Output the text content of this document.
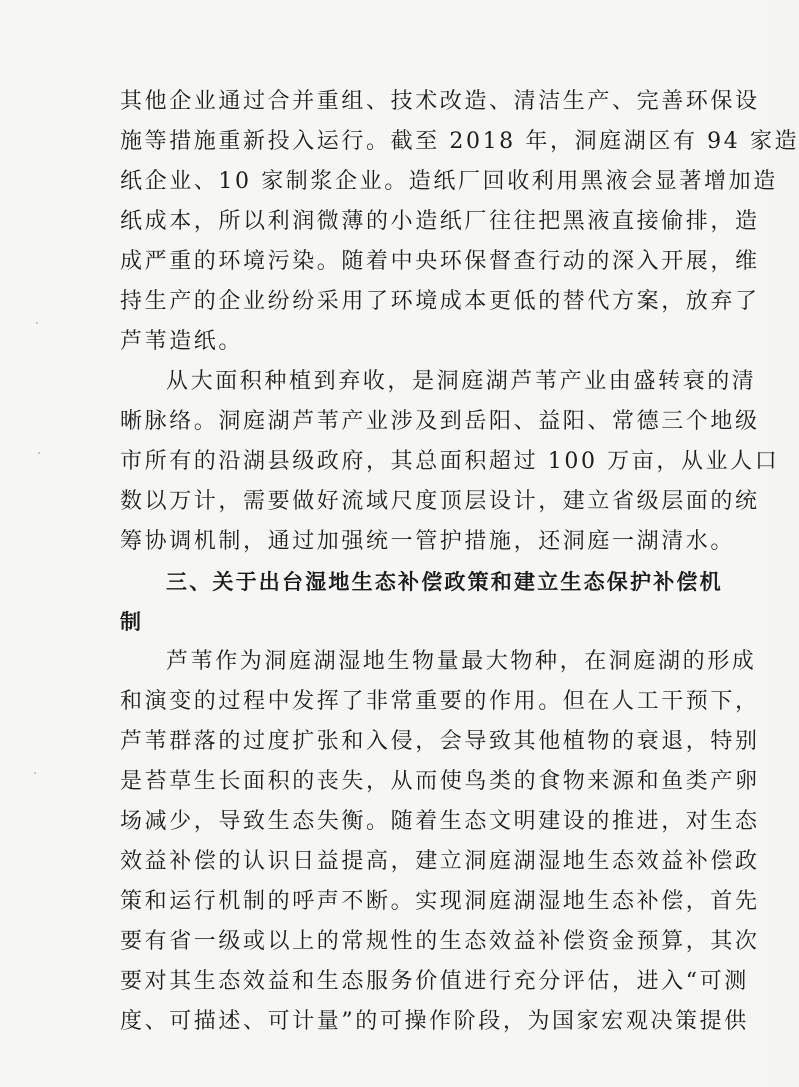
其他企业通过合并重组、技术改造、清洁生产、完善环保设
施等措施重新投入运行。截至 2018 年，洞庭湖区有 94 家造
纸企业、10 家制浆企业。造纸厂回收利用黑液会显著增加造
纸成本，所以利润微薄的小造纸厂往往把黑液直接偷排，造
成严重的环境污染。随着中央环保督查行动的深入开展，维
持生产的企业纷纷采用了环境成本更低的替代方案，放弃了
芦苇造纸。
从大面积种植到弃收，是洞庭湖芦苇产业由盛转衰的清
晰脉络。洞庭湖芦苇产业涉及到岳阳、益阳、常德三个地级
市所有的沿湖县级政府，其总面积超过 100 万亩，从业人口
数以万计，需要做好流域尺度顶层设计，建立省级层面的统
筹协调机制，通过加强统一管护措施，还洞庭一湖清水。
三、关于出台湿地生态补偿政策和建立生态保护补偿机
制
芦苇作为洞庭湖湿地生物量最大物种，在洞庭湖的形成
和演变的过程中发挥了非常重要的作用。但在人工干预下，
芦苇群落的过度扩张和入侵，会导致其他植物的衰退，特别
是苔草生长面积的丧失，从而使鸟类的食物来源和鱼类产卵
场减少，导致生态失衡。随着生态文明建设的推进，对生态
效益补偿的认识日益提高，建立洞庭湖湿地生态效益补偿政
策和运行机制的呼声不断。实现洞庭湖湿地生态补偿，首先
要有省一级或以上的常规性的生态效益补偿资金预算，其次
要对其生态效益和生态服务价值进行充分评估，进入“可测
度、可描述、可计量”的可操作阶段，为国家宏观决策提供
